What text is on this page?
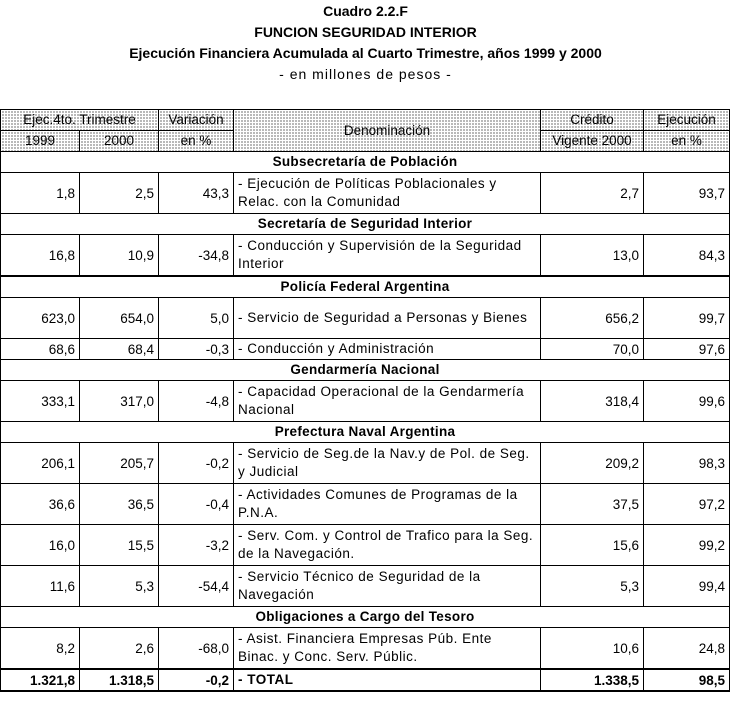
Cuadro 2.2.F
FUNCION SEGURIDAD INTERIOR
Ejecución Financiera Acumulada al Cuarto Trimestre, años 1999 y 2000
- en millones de pesos -
Ejec.4to. Trimestre		Variación	Denominación	Crédito	Ejecución
1999	2000	en %		Vigente 2000	en %
Subsecretaría de Población					
1,8	2,5	43,3	- Ejecución de Políticas Poblacionales y Relac. con la Comunidad	2,7	93,7
Secretaría de Seguridad Interior					
16,8	10,9	-34,8	- Conducción y Supervisión de la Seguridad Interior	13,0	84,3
Policía Federal Argentina					
623,0	654,0	5,0	- Servicio de Seguridad a Personas y Bienes	656,2	99,7
68,6	68,4	-0,3	- Conducción y Administración	70,0	97,6
Gendarmería Nacional					
333,1	317,0	-4,8	- Capacidad Operacional de la Gendarmería Nacional	318,4	99,6
Prefectura Naval Argentina					
206,1	205,7	-0,2	- Servicio de Seg.de la Nav.y de Pol. de Seg. y Judicial	209,2	98,3
36,6	36,5	-0,4	- Actividades Comunes de Programas de la P.N.A.	37,5	97,2
16,0	15,5	-3,2	- Serv. Com. y Control de Trafico para la Seg. de la Navegación.	15,6	99,2
11,6	5,3	-54,4	- Servicio Técnico de Seguridad de la Navegación	5,3	99,4
Obligaciones a Cargo del Tesoro					
8,2	2,6	-68,0	- Asist. Financiera Empresas Púb. Ente Binac. y Conc. Serv. Públic.	10,6	24,8
1.321,8	1.318,5	-0,2	- TOTAL	1.338,5	98,5
